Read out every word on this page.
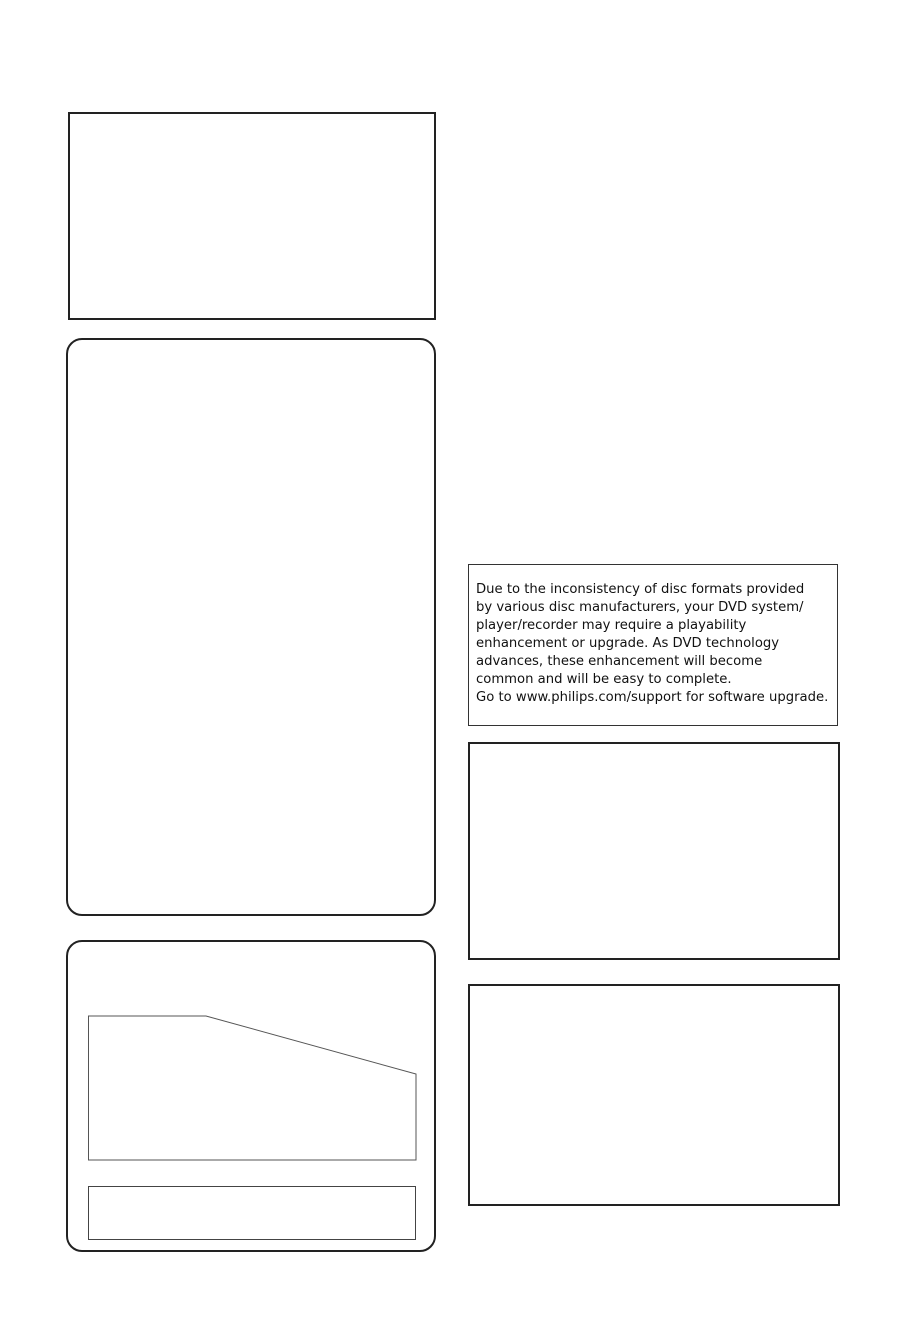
Due to the inconsistency of disc formats provided

by various disc manufacturers, your DVD system/

player/recorder may require a playability

enhancement or upgrade. As DVD technology

advances, these enhancement will become

common and will be easy to complete.

Go to www.philips.com/support for software upgrade.
